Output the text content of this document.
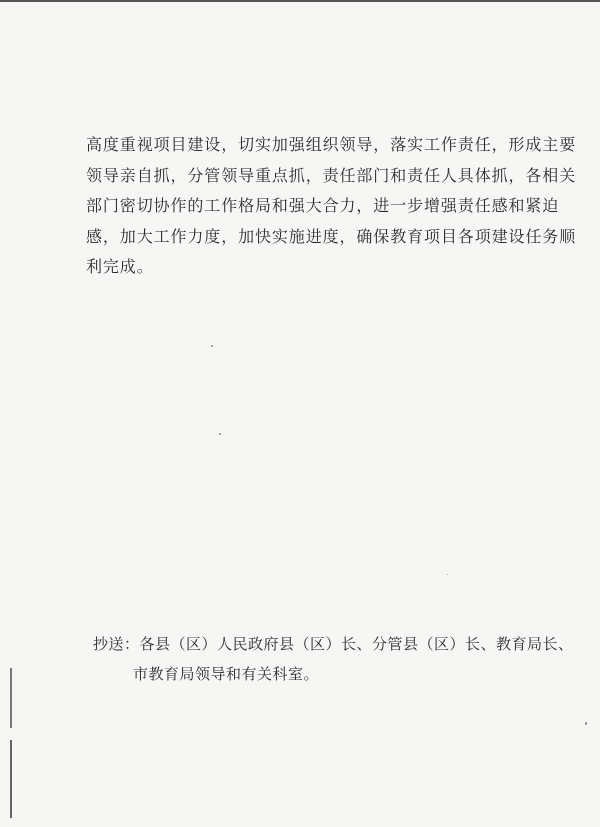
高度重视项目建设，切实加强组织领导，落实工作责任，形成主要
领导亲自抓，分管领导重点抓，责任部门和责任人具体抓，各相关
部门密切协作的工作格局和强大合力，进一步增强责任感和紧迫
感，加大工作力度，加快实施进度，确保教育项目各项建设任务顺
利完成。

抄送：各县（区）人民政府县（区）长、分管县（区）长、教育局长、
市教育局领导和有关科室。
